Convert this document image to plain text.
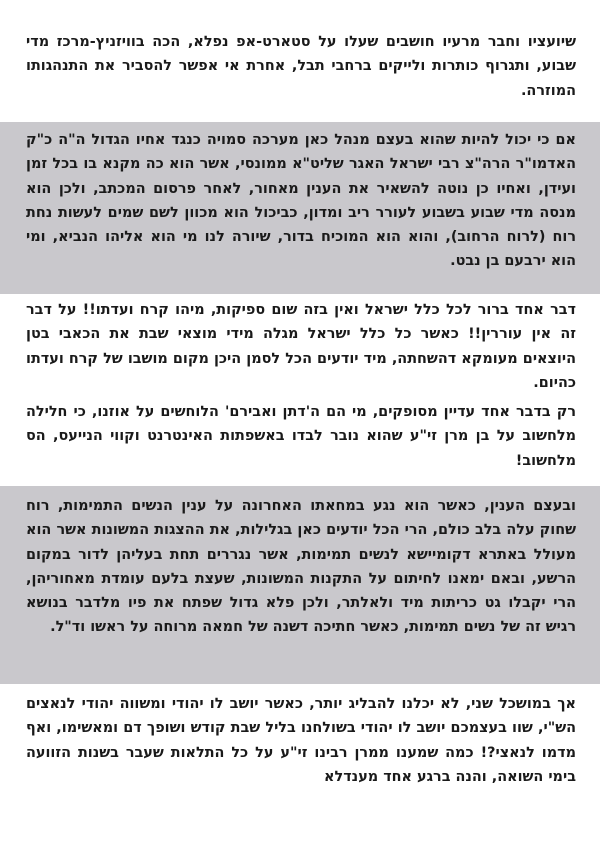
שיועציו וחבר מרעיו חושבים שעלו על סטארט-אפ נפלא, הכה בוויזניץ-מרכז מדי שבוע, ותגרוף כותרות ולייקים ברחבי תבל, אחרת אי אפשר להסביר את התנהגותו המוזרה.
אם כי יכול להיות שהוא בעצם מנהל כאן מערכה סמויה כנגד אחיו הגדול ה"ה כ"ק האדמו"ר הרה"צ רבי ישראל האגר שליט"א ממונסי, אשר הוא כה מקנא בו בכל זמן ועידן, ואחיו כן נוטה להשאיר את הענין מאחור, לאחר פרסום המכתב, ולכן הוא מנסה מדי שבוע בשבוע לעורר ריב ומדון, כביכול הוא מכוון לשם שמים לעשות נחת רוח (לרוח הרחוב), והוא הוא המוכיח בדור, שיורה לנו מי הוא אליהו הנביא, ומי הוא ירבעם בן נבט.
דבר אחד ברור לכל כלל ישראל ואין בזה שום ספיקות, מיהו קרח ועדתו!! על דבר זה אין עוררין!! כאשר כל כלל ישראל מגלה מידי מוצאי שבת את הכאבי בטן היוצאים מעומקא דהשחתה, מיד יודעים הכל לסמן היכן מקום מושבו של קרח ועדתו כהיום.
רק בדבר אחד עדיין מסופקים, מי הם ה'דתן ואבירם' הלוחשים על אוזנו, כי חלילה מלחשוב על בן מרן זי"ע שהוא נובר לבדו באשפתות האינטרנט וקווי הנייעס, הס מלחשוב!
ובעצם הענין, כאשר הוא נגע במחאתו האחרונה על ענין הנשים התמימות, רוח שחוק עלה בלב כולם, הרי הכל יודעים כאן בגלילות, את ההצגות המשונות אשר הוא מעולל באתרא דקומיישא לנשים תמימות, אשר נגררים תחת בעליהן לדור במקום הרשע, ובאם ימאנו לחיתום על התקנות המשונות, שעצת בלעם עומדת מאחוריהן, הרי יקבלו גט כריתות מיד ולאלתר, ולכן פלא גדול שפתח את פיו מלדבר בנושא רגיש זה של נשים תמימות, כאשר חתיכה דשנה של חמאה מרוחה על ראשו וד"ל.
אך במושכל שני, לא יכלנו להבליג יותר, כאשר יושב לו יהודי ומשווה יהודי לנאצים הש"י, שוו בעצמכם יושב לו יהודי בשולחנו בליל שבת קודש ושופך דם ומאשימו, ואף מדמו לנאצי?! כמה שמענו ממרן רבינו זי"ע על כל התלאות שעבר בשנות הזוועה בימי השואה, והנה ברגע אחד מענדלא
